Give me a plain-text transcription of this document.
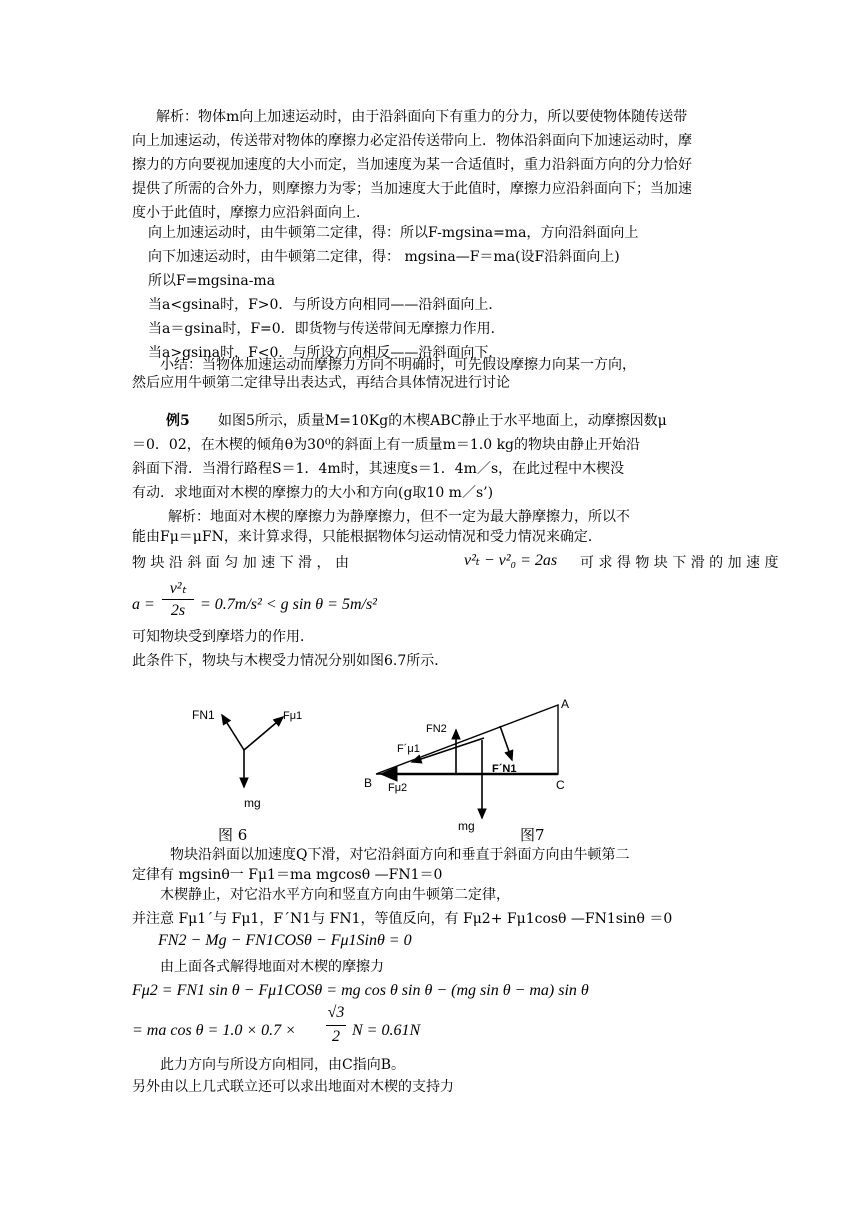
解析：物体m向上加速运动时，由于沿斜面向下有重力的分力，所以要使物体随传送带
向上加速运动，传送带对物体的摩擦力必定沿传送带向上．物体沿斜面向下加速运动时，摩
擦力的方向要视加速度的大小而定，当加速度为某一合适值时，重力沿斜面方向的分力恰好
提供了所需的合外力，则摩擦力为零；当加速度大于此值时，摩擦力应沿斜面向下；当加速
度小于此值时，摩擦力应沿斜面向上．
向上加速运动时，由牛顿第二定律，得：所以F-mgsina=ma，方向沿斜面向上
向下加速运动时，由牛顿第二定律，得： mgsina—F＝ma(设F沿斜面向上)
所以F=mgsina-ma
当a<gsina时，F>0．与所设方向相同——沿斜面向上．
当a＝gsina时，F=0．即货物与传送带间无摩擦力作用．
当a>gsina时，F<0．与所设方向相反——沿斜面向下．
小结：当物体加速运动而摩擦力方向不明确时，可先假设摩擦力向某一方向，
然后应用牛顿第二定律导出表达式，再结合具体情况进行讨论
例5 如图5所示，质量M=10Kg的木楔ABC静止于水平地面上，动摩擦因数μ
＝0．02，在木楔的倾角θ为30⁰的斜面上有一质量m＝1.0 kg的物块由静止开始沿
斜面下滑．当滑行路程S＝1．4m时，其速度s＝1．4m／s，在此过程中木楔没
有动．求地面对木楔的摩擦力的大小和方向(g取10 m／s’)
解析：地面对木楔的摩擦力为静摩擦力，但不一定为最大静摩擦力，所以不
能由Fμ＝μFN，来计算求得，只能根据物体匀运动情况和受力情况来确定．
物 块 沿 斜 面 匀 加 速 下 滑 ， 由	v²ₜ − v²₀ = 2as 可 求 得 物 块 下 滑 的 加 速 度
a =
v²ₜ
2s = 0.7m/s² < g sin θ = 5m/s²
可知物块受到摩塔力的作用．
此条件下，物块与木楔受力情况分别如图6.7所示．
FN1	Fμ1
mg
图 6
A
B	C
FN2
F´μ1
F´N1
Fμ2
mg	图7
物块沿斜面以加速度Q下滑，对它沿斜面方向和垂直于斜面方向由牛顿第二
定律有 mgsinθ一 Fμ1＝ma mgcosθ —FN1＝0
木楔静止，对它沿水平方向和竖直方向由牛顿第二定律，
并注意 Fμ1´与 Fμ1，F´N1与 FN1，等值反向，有 Fμ2+ Fμ1cosθ —FN1sinθ ＝0
FN2 − Mg − FN1COSθ − Fμ1Sinθ = 0
由上面各式解得地面对木楔的摩擦力
Fμ2 = FN1 sin θ − Fμ1COSθ = mg cos θ sin θ − (mg sin θ − ma) sin θ
= ma cos θ = 1.0 × 0.7 ×
√3
2 N = 0.61N
此力方向与所设方向相同，由C指向B。
另外由以上几式联立还可以求出地面对木楔的支持力
